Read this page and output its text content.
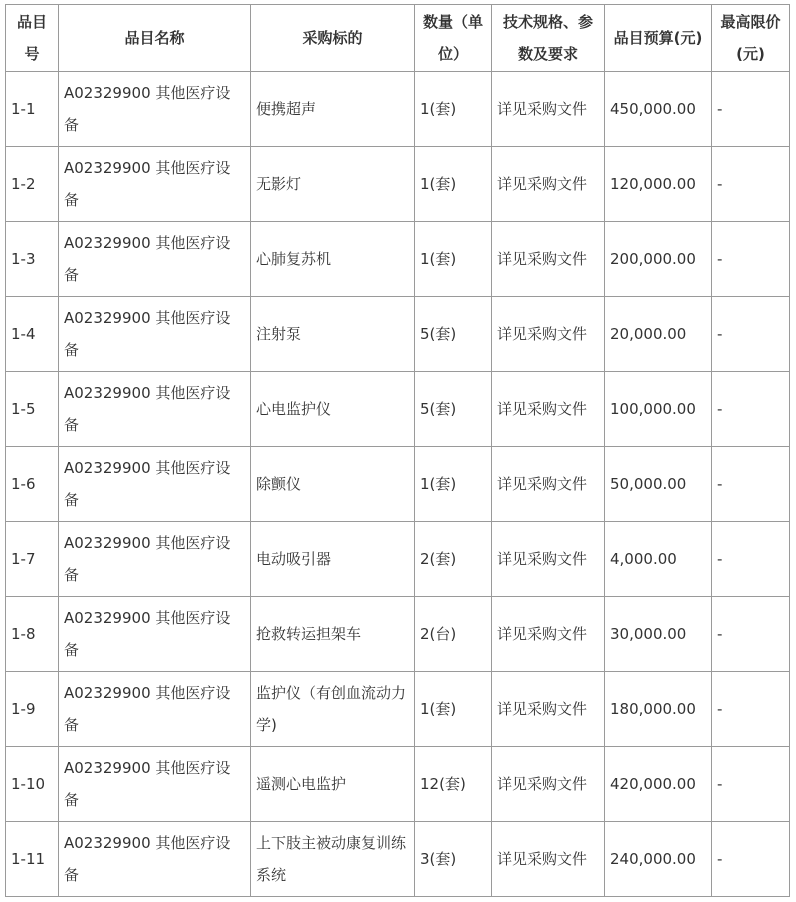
品目号	品目名称	采购标的	数量（单位）	技术规格、参数及要求	品目预算(元)	最高限价(元)
1-1	A02329900 其他医疗设备	便携超声	1(套)	详见采购文件	450,000.00	-
1-2	A02329900 其他医疗设备	无影灯	1(套)	详见采购文件	120,000.00	-
1-3	A02329900 其他医疗设备	心肺复苏机	1(套)	详见采购文件	200,000.00	-
1-4	A02329900 其他医疗设备	注射泵	5(套)	详见采购文件	20,000.00	-
1-5	A02329900 其他医疗设备	心电监护仪	5(套)	详见采购文件	100,000.00	-
1-6	A02329900 其他医疗设备	除颤仪	1(套)	详见采购文件	50,000.00	-
1-7	A02329900 其他医疗设备	电动吸引器	2(套)	详见采购文件	4,000.00	-
1-8	A02329900 其他医疗设备	抢救转运担架车	2(台)	详见采购文件	30,000.00	-
1-9	A02329900 其他医疗设备	监护仪（有创血流动力学)	1(套)	详见采购文件	180,000.00	-
1-10	A02329900 其他医疗设备	遥测心电监护	12(套)	详见采购文件	420,000.00	-
1-11	A02329900 其他医疗设备	上下肢主被动康复训练系统	3(套)	详见采购文件	240,000.00	-
